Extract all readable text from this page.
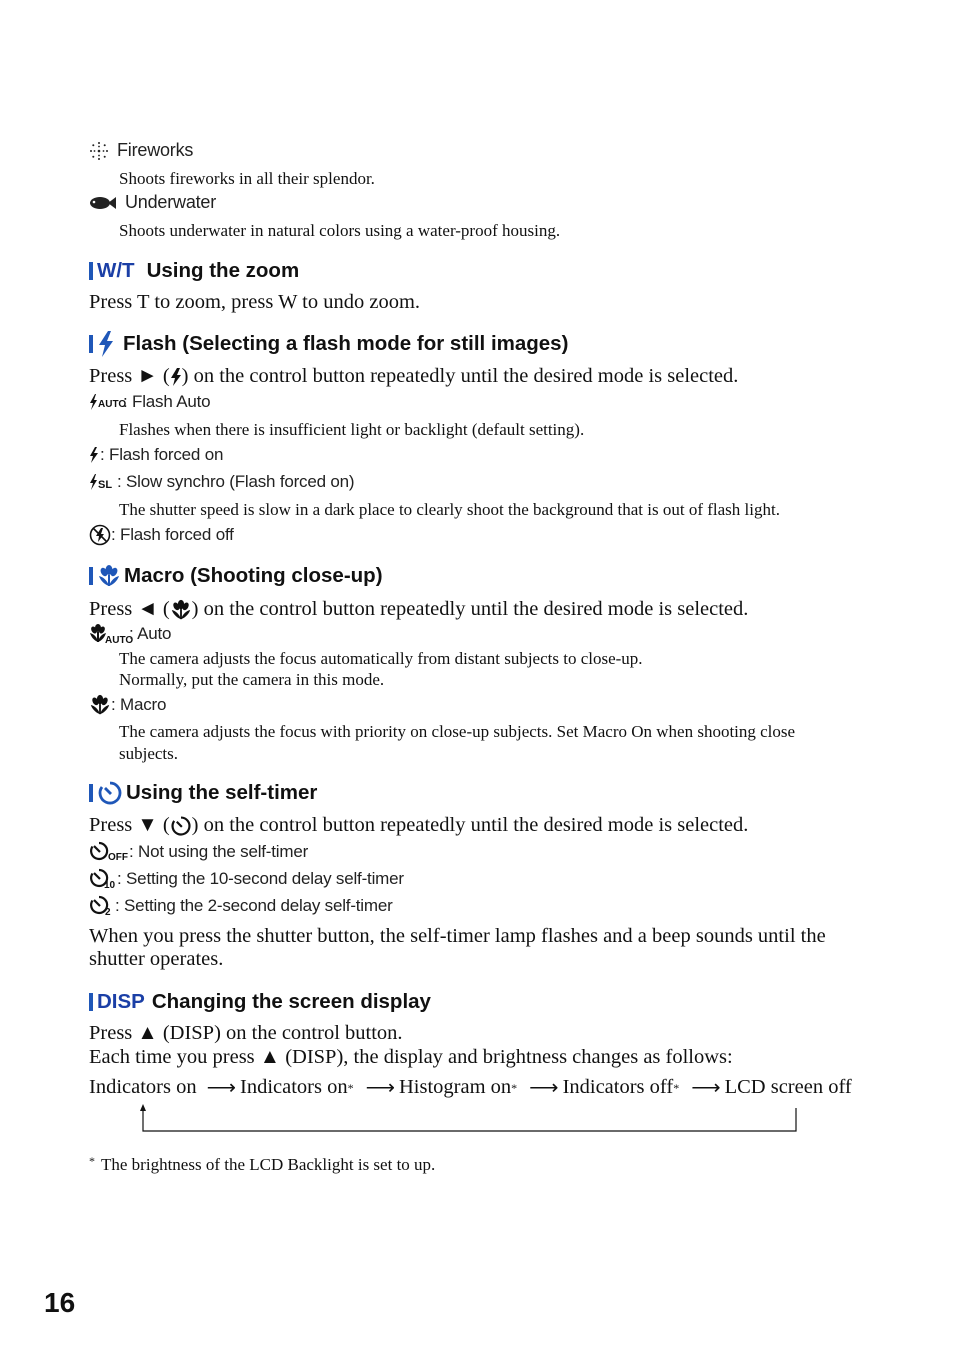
Fireworks
Shoots fireworks in all their splendor.
Underwater
Shoots underwater in natural colors using a water-proof housing.
W/T Using the zoom
Press T to zoom, press W to undo zoom.
Flash (Selecting a flash mode for still images)
Press ► ( ) on the control button repeatedly until the desired mode is selected.
AUTO
: Flash Auto
Flashes when there is insufficient light or backlight (default setting).
: Flash forced on
SL : Slow synchro (Flash forced on)
The shutter speed is slow in a dark place to clearly shoot the background that is out of flash light.
: Flash forced off
Macro (Shooting close-up)
Press ◄ ( ) on the control button repeatedly until the desired mode is selected.
AUTO
: Auto
The camera adjusts the focus automatically from distant subjects to close-up.
Normally, put the camera in this mode.
: Macro
The camera adjusts the focus with priority on close-up subjects. Set Macro On when shooting close
subjects.
Using the self-timer
Press ▼ ( ) on the control button repeatedly until the desired mode is selected.
OFF : Not using the self-timer
10 : Setting the 10-second delay self-timer
2 : Setting the 2-second delay self-timer
When you press the shutter button, the self-timer lamp flashes and a beep sounds until the
shutter operates.
DISP Changing the screen display
Press ▲ (DISP) on the control button.
Each time you press ▲ (DISP), the display and brightness changes as follows:
Indicators on ⟶ Indicators on * ⟶ Histogram on * ⟶ Indicators off * ⟶ LCD screen off
* The brightness of the LCD Backlight is set to up.
16
